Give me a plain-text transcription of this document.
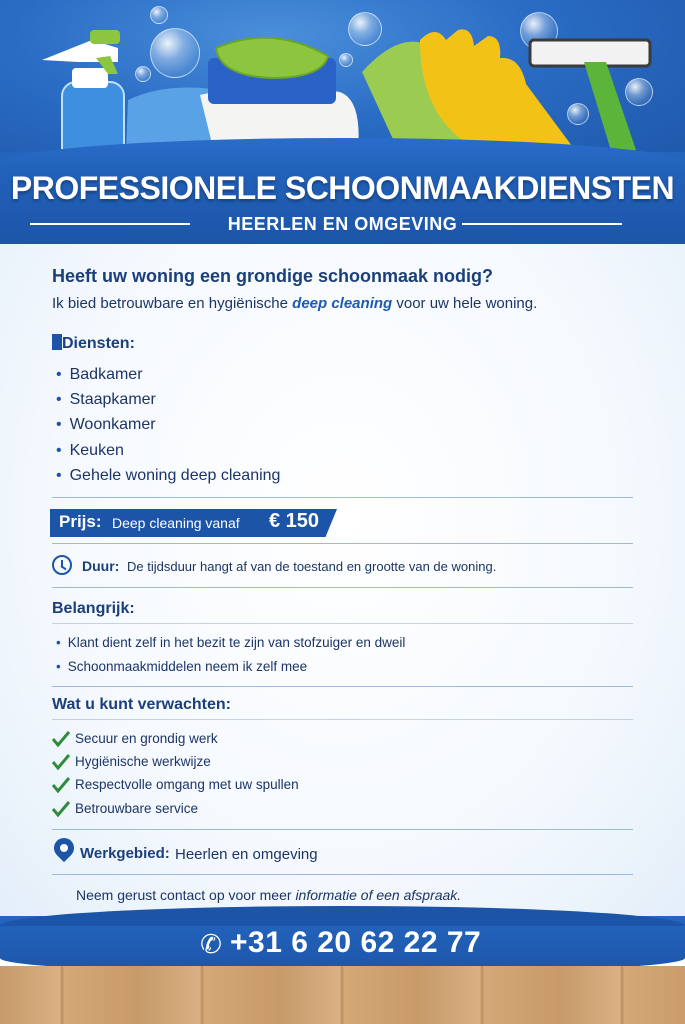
PROFESSIONELE SCHOONMAAKDIENSTEN
HEERLEN EN OMGEVING
Heeft uw woning een grondige schoonmaak nodig?
Ik bied betrouwbare en hygiënische deep cleaning voor uw hele woning.
Diensten:
• Badkamer
• Staapkamer
• Woonkamer
• Keuken
• Gehele woning deep cleaning
Prijs: Deep cleaning vanaf € 150
Duur: De tijdsduur hangt af van de toestand en grootte van de woning.
Belangrijk:
• Klant dient zelf in het bezit te zijn van stofzuiger en dweil
• Schoonmaakmiddelen neem ik zelf mee
Wat u kunt verwachten:
Secuur en grondig werk
Hygiënische werkwijze
Respectvolle omgang met uw spullen
Betrouwbare service
Werkgebied: Heerlen en omgeving
Neem gerust contact op voor meer informatie of een afspraak.
✆ +31 6 20 62 22 77
